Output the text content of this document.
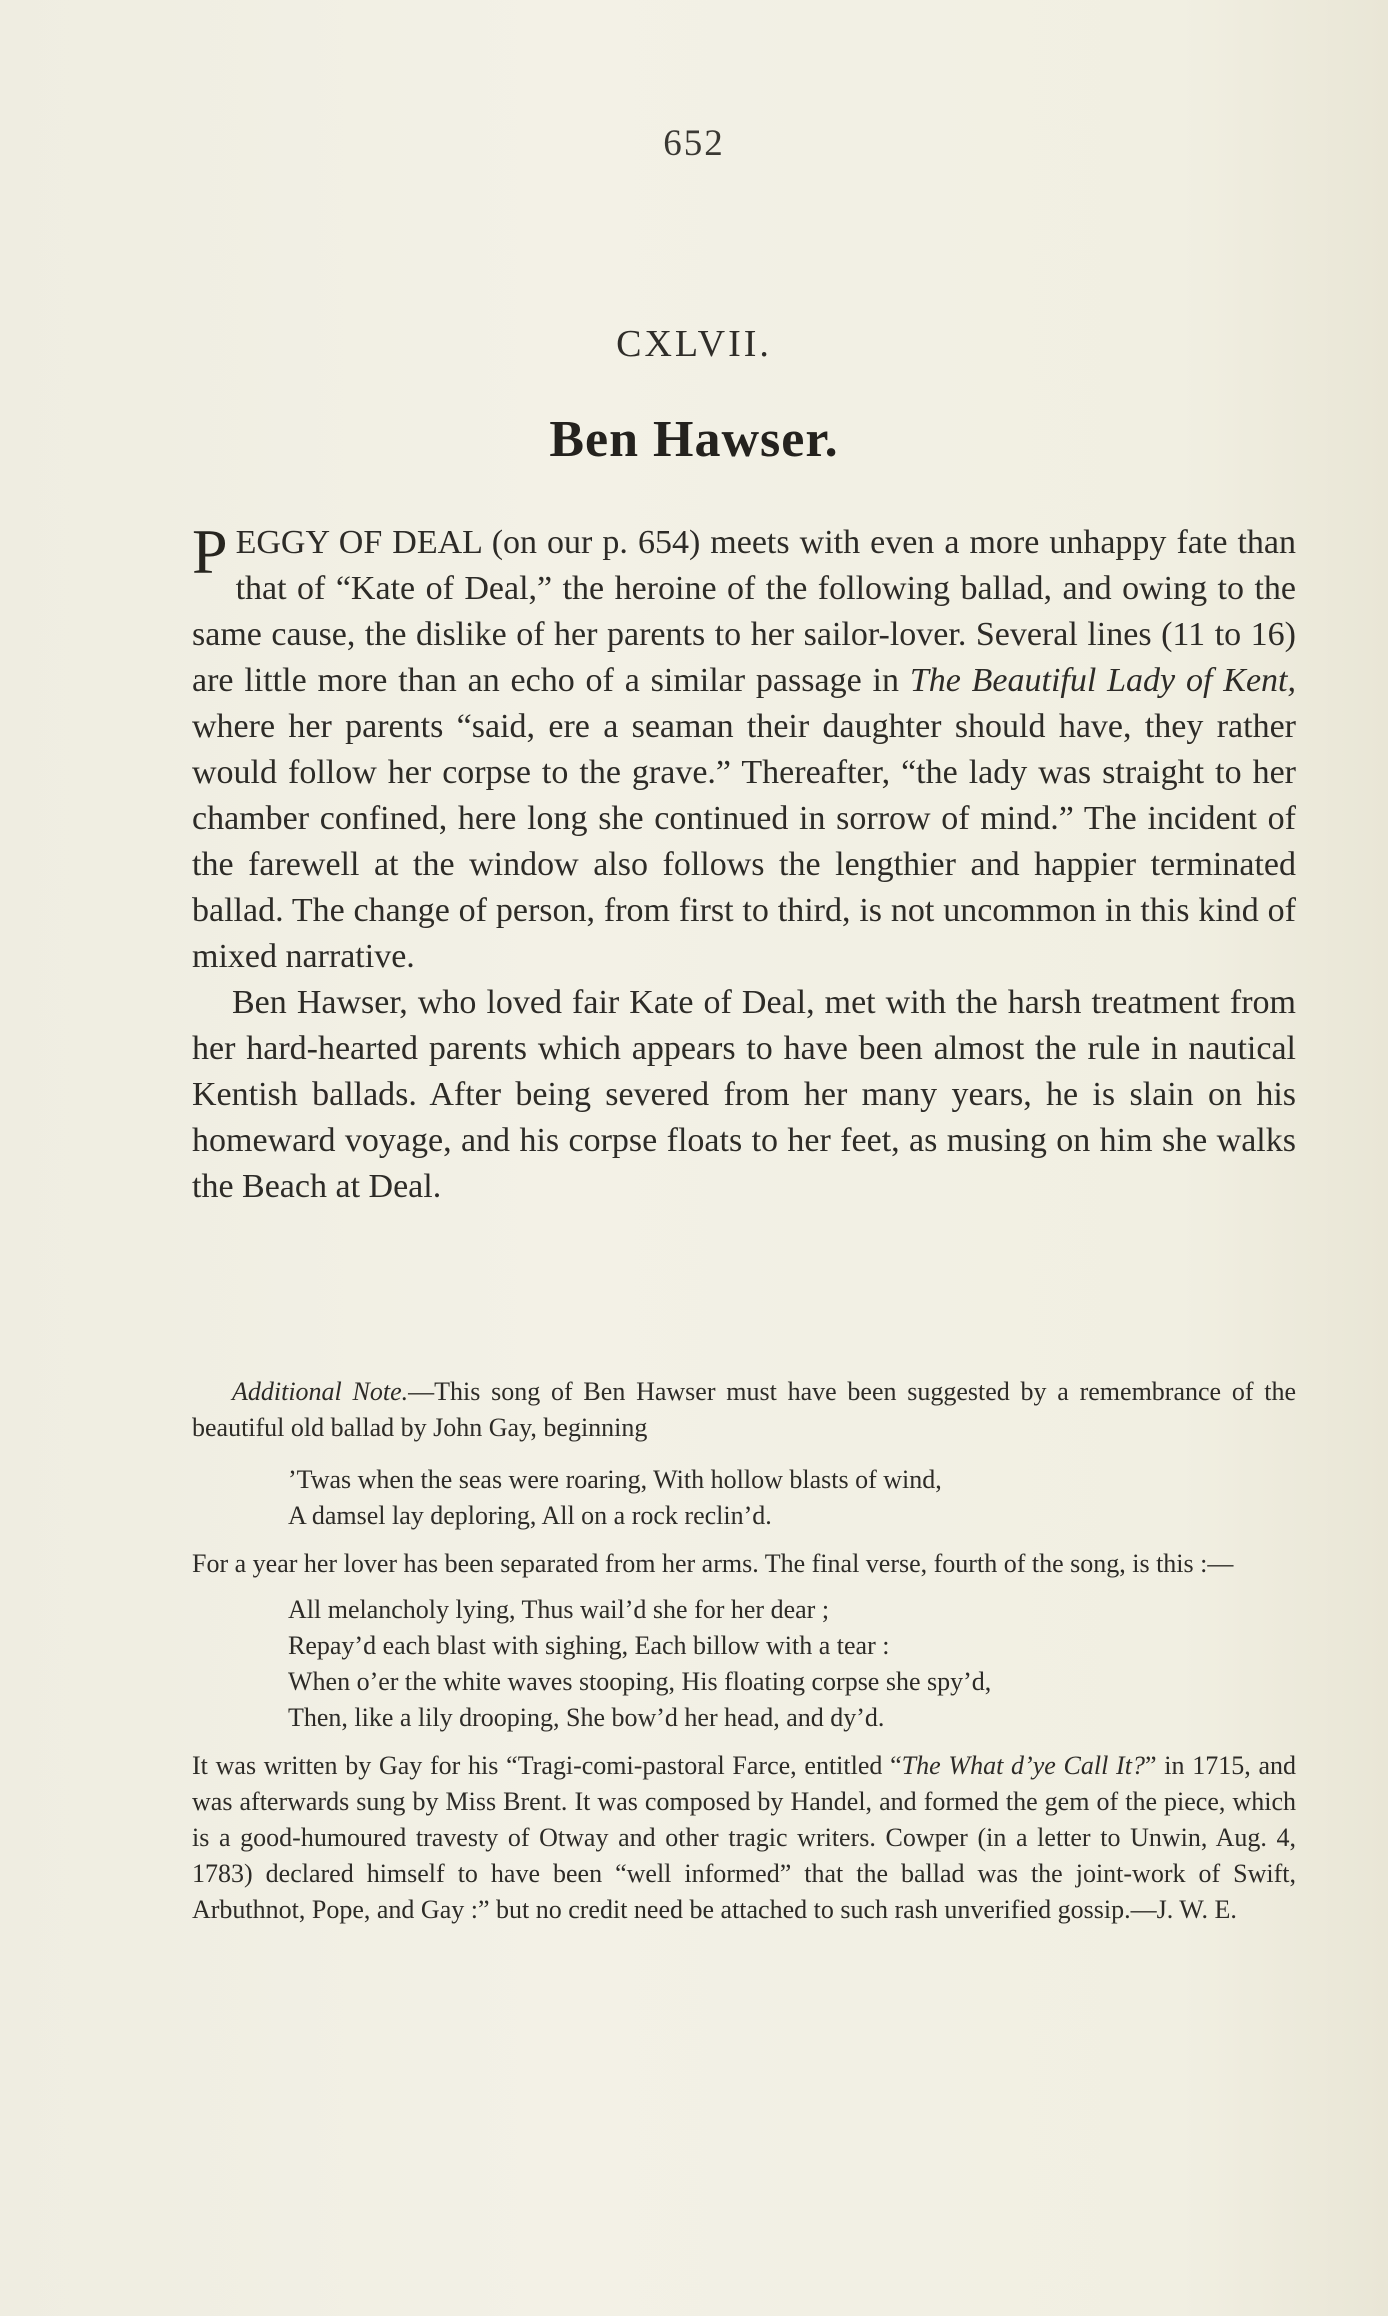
652
CXLVII.
Ben Hawser.

PEGGY OF DEAL (on our p. 654) meets with even a more unhappy fate than that of “Kate of Deal,” the heroine of the following ballad, and owing to the same cause, the dislike of her parents to her sailor-lover. Several lines (11 to 16) are little more than an echo of a similar passage in The Beautiful Lady of Kent, where her parents “said, ere a seaman their daughter should have, they rather would follow her corpse to the grave.” Thereafter, “the lady was straight to her chamber confined, here long she continued in sorrow of mind.” The incident of the farewell at the window also follows the lengthier and happier terminated ballad. The change of person, from first to third, is not uncommon in this kind of mixed narrative.

Ben Hawser, who loved fair Kate of Deal, met with the harsh treatment from her hard-hearted parents which appears to have been almost the rule in nautical Kentish ballads. After being severed from her many years, he is slain on his homeward voyage, and his corpse floats to her feet, as musing on him she walks the Beach at Deal.

Additional Note.—This song of Ben Hawser must have been suggested by a remembrance of the beautiful old ballad by John Gay, beginning

’Twas when the seas were roaring, With hollow blasts of wind,
A damsel lay deploring, All on a rock reclin’d.

For a year her lover has been separated from her arms. The final verse, fourth of the song, is this :—

All melancholy lying, Thus wail’d she for her dear ;
Repay’d each blast with sighing, Each billow with a tear :
When o’er the white waves stooping, His floating corpse she spy’d,
Then, like a lily drooping, She bow’d her head, and dy’d.

It was written by Gay for his “Tragi-comi-pastoral Farce, entitled “The What d’ye Call It?” in 1715, and was afterwards sung by Miss Brent. It was composed by Handel, and formed the gem of the piece, which is a good-humoured travesty of Otway and other tragic writers. Cowper (in a letter to Unwin, Aug. 4, 1783) declared himself to have been “well informed” that the ballad was the joint-work of Swift, Arbuthnot, Pope, and Gay :” but no credit need be attached to such rash unverified gossip.—J. W. E.
